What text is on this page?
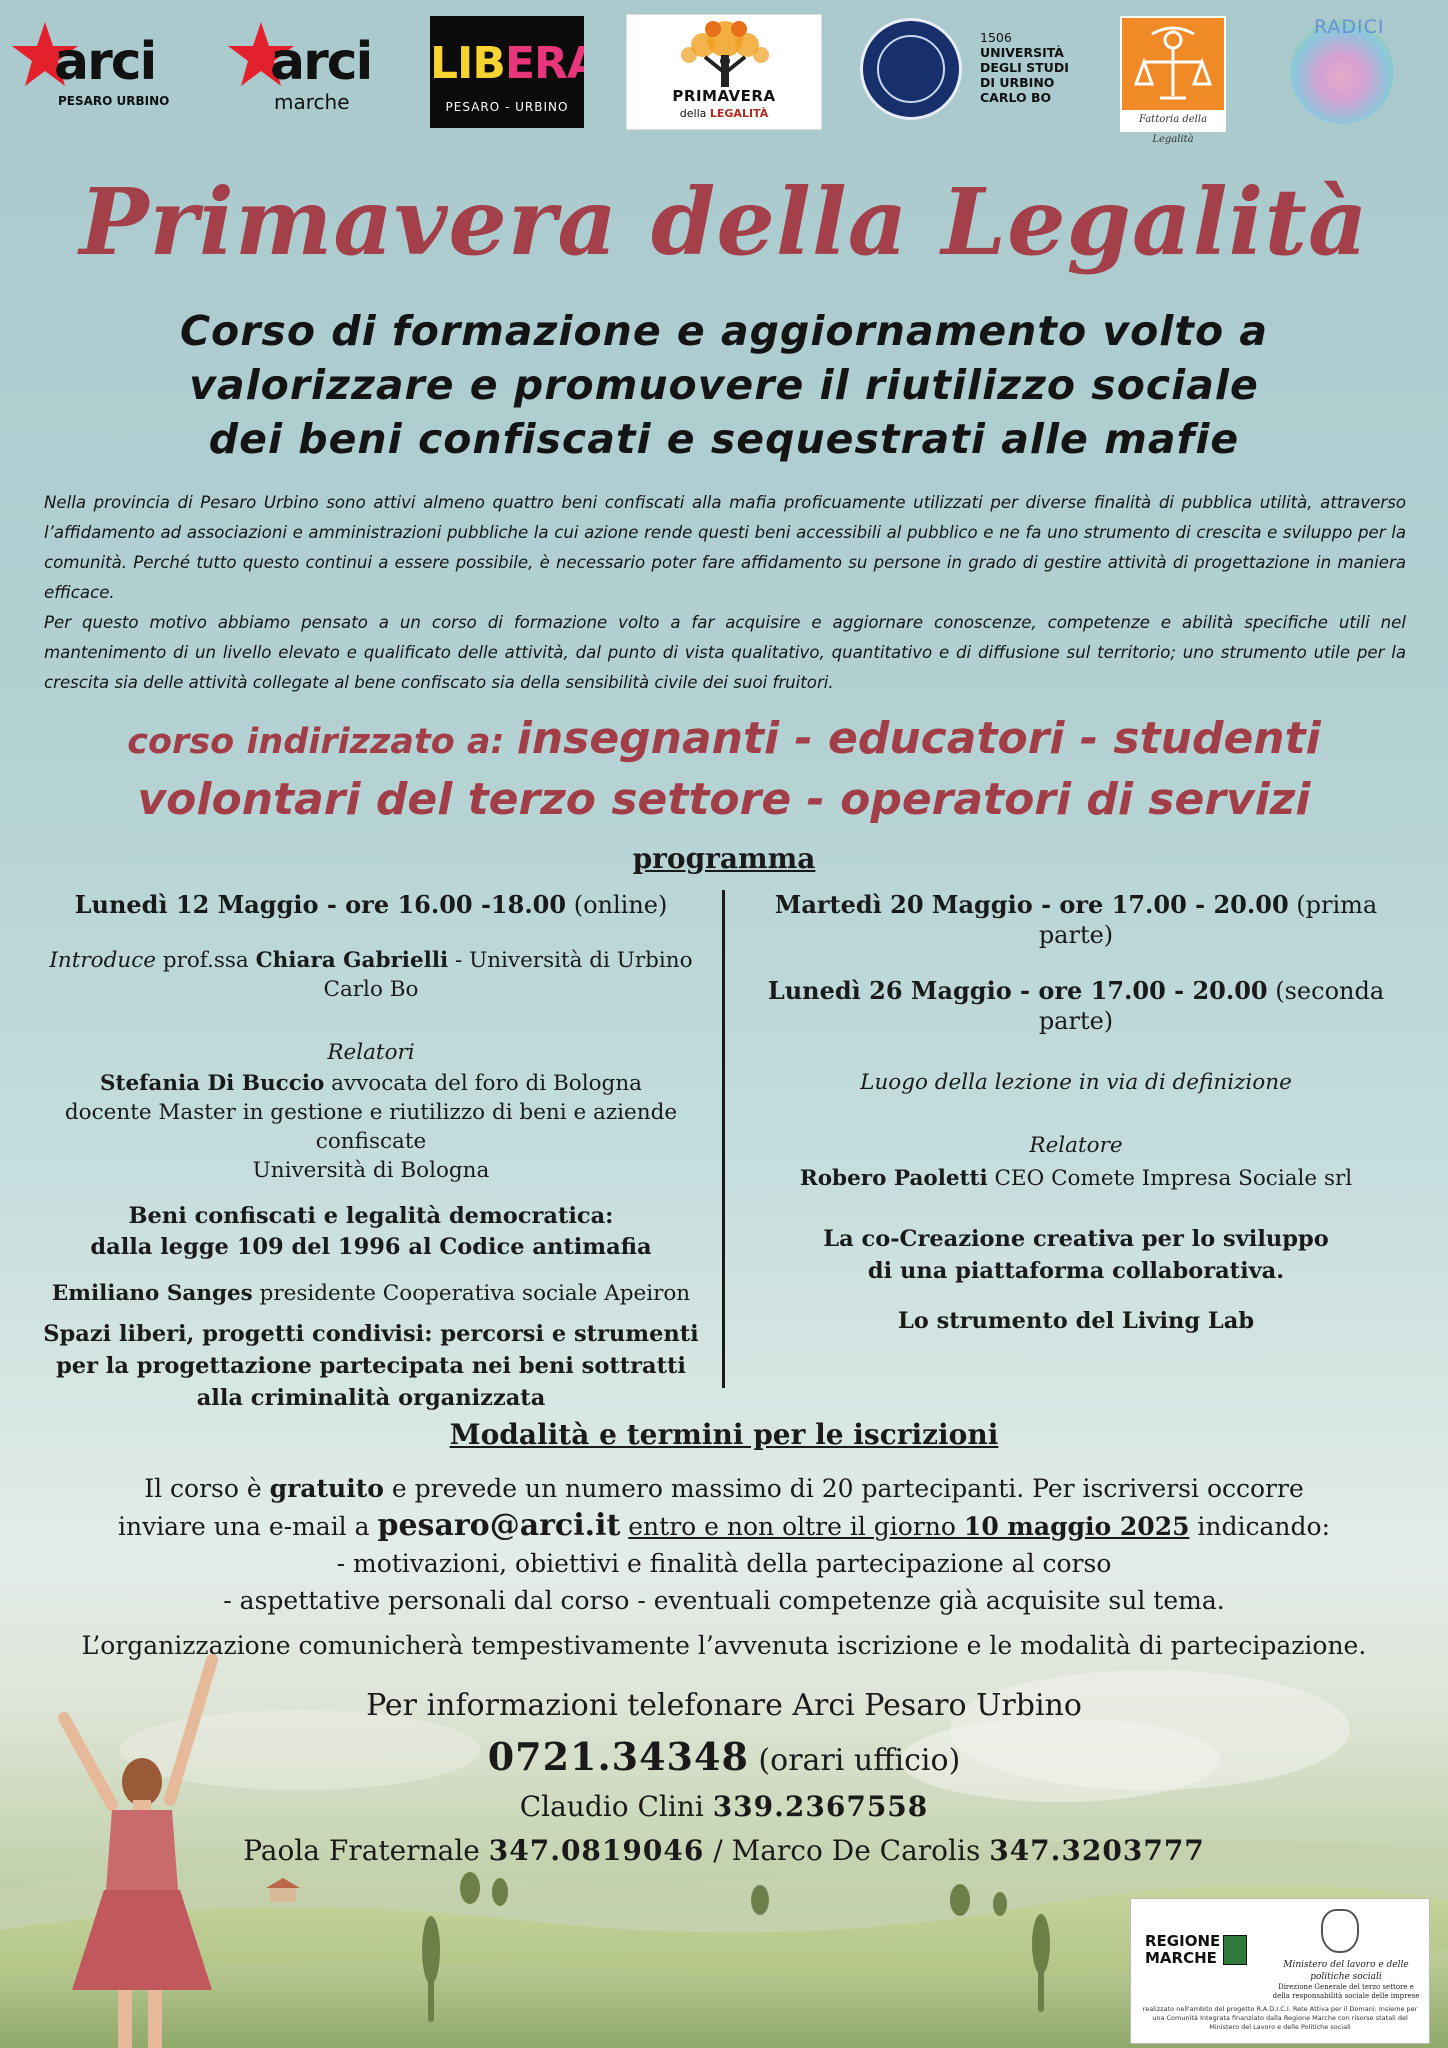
arci
PESARO URBINO
arci
marche
LIBERA
PESARO - URBINO
PRIMAVERA
della LEGALITÀ
1506
UNIVERSITÀ
DEGLI STUDI
DI URBINO
CARLO BO
Fattoria della Legalità
RADICI
Primavera della Legalità
Corso di formazione e aggiornamento volto a
valorizzare e promuovere il riutilizzo sociale
dei beni confiscati e sequestrati alle mafie

Nella provincia di Pesaro Urbino sono attivi almeno quattro beni confiscati alla mafia proficuamente utilizzati per diverse finalità di pubblica utilità, attraverso l’affidamento ad associazioni e amministrazioni pubbliche la cui azione rende questi beni accessibili al pubblico e ne fa uno strumento di crescita e sviluppo per la comunità. Perché tutto questo continui a essere possibile, è necessario poter fare affidamento su persone in grado di gestire attività di progettazione in maniera efficace.

Per questo motivo abbiamo pensato a un corso di formazione volto a far acquisire e aggiornare conoscenze, competenze e abilità specifiche utili nel mantenimento di un livello elevato e qualificato delle attività, dal punto di vista qualitativo, quantitativo e di diffusione sul territorio; uno strumento utile per la crescita sia delle attività collegate al bene confiscato sia della sensibilità civile dei suoi fruitori.

corso indirizzato a: insegnanti - educatori - studenti
volontari del terzo settore - operatori di servizi
programma
Lunedì 12 Maggio - ore 16.00 -18.00 (online)
Introduce prof.ssa Chiara Gabrielli - Università di Urbino Carlo Bo
Relatori
Stefania Di Buccio avvocata del foro di Bologna
docente Master in gestione e riutilizzo di beni e aziende confiscate
Università di Bologna
Beni confiscati e legalità democratica:
dalla legge 109 del 1996 al Codice antimafia
Emiliano Sanges presidente Cooperativa sociale Apeiron
Spazi liberi, progetti condivisi: percorsi e strumenti
per la progettazione partecipata nei beni sottratti
alla criminalità organizzata
Martedì 20 Maggio - ore 17.00 - 20.00 (prima parte)
Lunedì 26 Maggio - ore 17.00 - 20.00 (seconda parte)
Luogo della lezione in via di definizione
Relatore
Robero Paoletti CEO Comete Impresa Sociale srl
La co-Creazione creativa per lo sviluppo
di una piattaforma collaborativa.
Lo strumento del Living Lab
Modalità e termini per le iscrizioni
Il corso è gratuito e prevede un numero massimo di 20 partecipanti. Per iscriversi occorre
inviare una e-mail a pesaro@arci.it entro e non oltre il giorno 10 maggio 2025 indicando:
- motivazioni, obiettivi e finalità della partecipazione al corso
- aspettative personali dal corso - eventuali competenze già acquisite sul tema.
L’organizzazione comunicherà tempestivamente l’avvenuta iscrizione e le modalità di partecipazione.
Per informazioni telefonare Arci Pesaro Urbino
0721.34348 (orari ufficio)
Claudio Clini 339.2367558
Paola Fraternale 347.0819046 / Marco De Carolis 347.3203777
REGIONE
MARCHE	Ministero del lavoro e delle politiche sociali
Direzione Generale del terzo settore e della responsabilità sociale delle imprese
realizzato nell'ambito del progetto R.A.D.I.C.I. Rete Attiva per il Domani: Insieme per una Comunità Integrata finanziato dalla Regione Marche con risorse statali del Ministero del Lavoro e delle Politiche sociali
